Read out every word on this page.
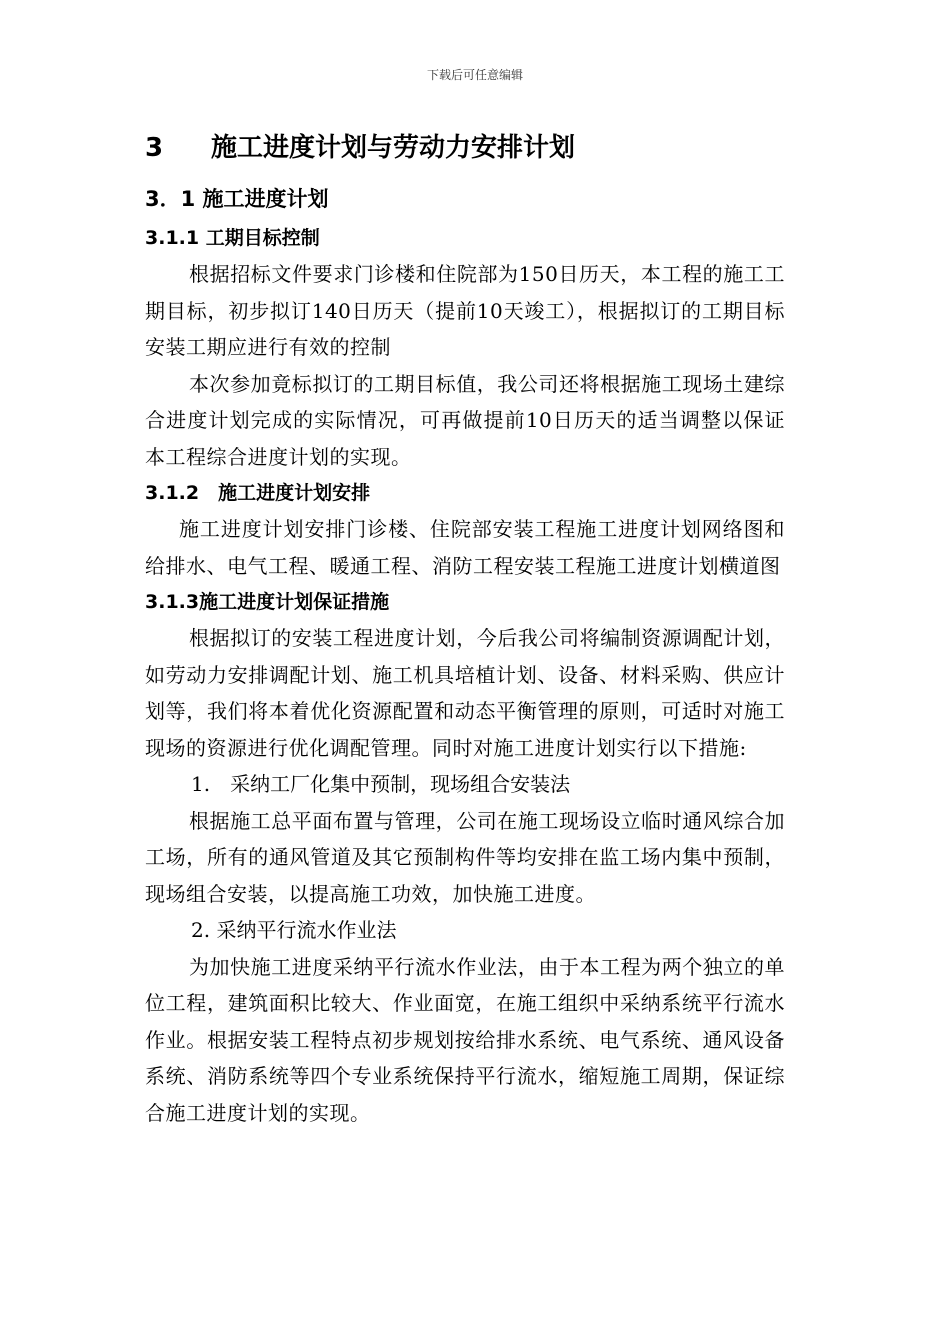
下载后可任意编辑
3 施工进度计划与劳动力安排计划
3．1 施工进度计划
3.1.1 工期目标控制

根据招标文件要求门诊楼和住院部为150日历天，本工程的施工工期目标，初步拟订140日历天（提前10天竣工），根据拟订的工期目标安装工期应进行有效的控制

本次参加竟标拟订的工期目标值，我公司还将根据施工现场土建综合进度计划完成的实际情况，可再做提前10日历天的适当调整以保证本工程综合进度计划的实现。

3.1.2　施工进度计划安排

施工进度计划安排门诊楼、住院部安装工程施工进度计划网络图和给排水、电气工程、暖通工程、消防工程安装工程施工进度计划横道图

3.1.3施工进度计划保证措施

根据拟订的安装工程进度计划，今后我公司将编制资源调配计划，如劳动力安排调配计划、施工机具培植计划、设备、材料采购、供应计划等，我们将本着优化资源配置和动态平衡管理的原则，可适时对施工现场的资源进行优化调配管理。同时对施工进度计划实行以下措施:

1.　采纳工厂化集中预制，现场组合安装法

根据施工总平面布置与管理，公司在施工现场设立临时通风综合加工场，所有的通风管道及其它预制构件等均安排在监工场内集中预制，现场组合安装，以提高施工功效，加快施工进度。

2. 采纳平行流水作业法

为加快施工进度采纳平行流水作业法，由于本工程为两个独立的单位工程，建筑面积比较大、作业面宽，在施工组织中采纳系统平行流水作业。根据安装工程特点初步规划按给排水系统、电气系统、通风设备系统、消防系统等四个专业系统保持平行流水，缩短施工周期，保证综合施工进度计划的实现。
